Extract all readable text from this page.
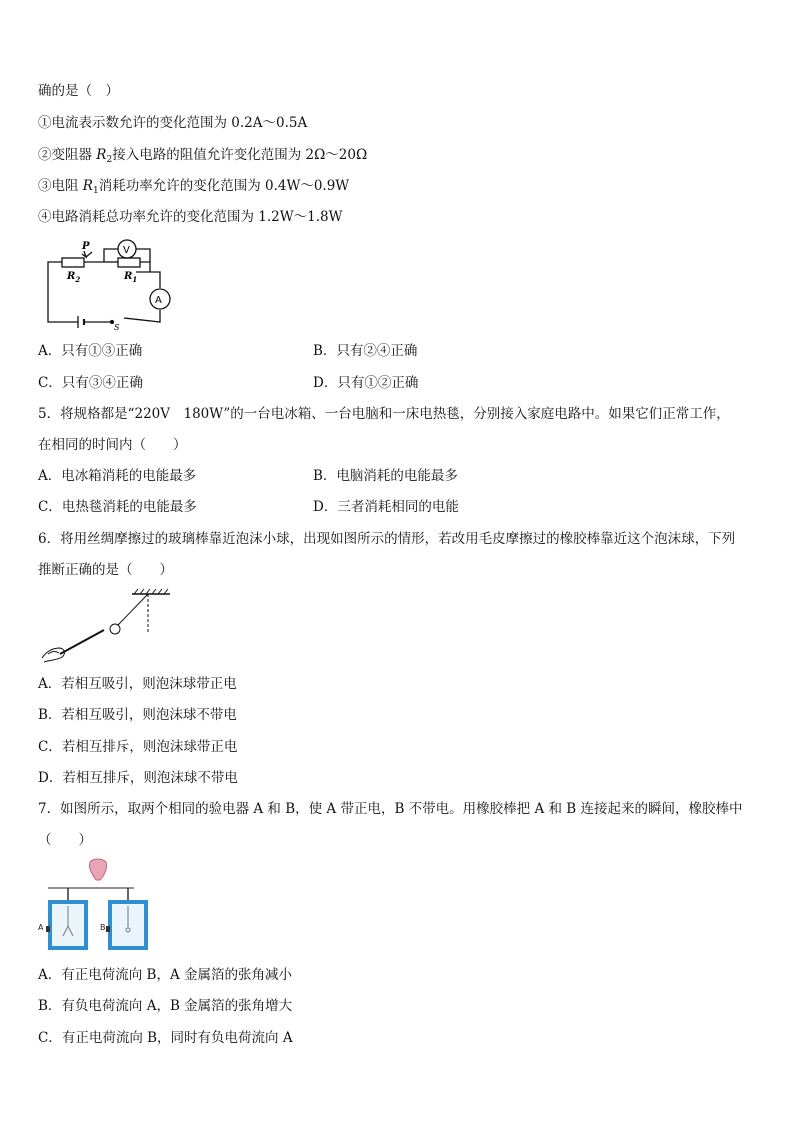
确的是（　）
①电流表示数允许的变化范围为 0.2A～0.5A
②变阻器 $R_2$接入电路的阻值允许变化范围为 2Ω～20Ω
③电阻 $R_1$消耗功率允许的变化范围为 0.4W～0.9W
④电路消耗总功率允许的变化范围为 1.2W～1.8W
P	V
A
$R_2$	$R_1$
S
A．只有①③正确	B．只有②④正确
C．只有③④正确	D．只有①②正确
5．将规格都是“220V　180W”的一台电冰箱、一台电脑和一床电热毯，分别接入家庭电路中。如果它们正常工作，
在相同的时间内（　　）
A．电冰箱消耗的电能最多	B．电脑消耗的电能最多
C．电热毯消耗的电能最多	D．三者消耗相同的电能
6．将用丝绸摩擦过的玻璃棒靠近泡沫小球，出现如图所示的情形，若改用毛皮摩擦过的橡胶棒靠近这个泡沫球，下列
推断正确的是（　　）
A．若相互吸引，则泡沫球带正电
B．若相互吸引，则泡沫球不带电
C．若相互排斥，则泡沫球带正电
D．若相互排斥，则泡沫球不带电
7．如图所示，取两个相同的验电器 A 和 B，使 A 带正电，B 不带电。用橡胶棒把 A 和 B 连接起来的瞬间，橡胶棒中
（　　）
A	B
A．有正电荷流向 B，A 金属箔的张角减小
B．有负电荷流向 A，B 金属箔的张角增大
C．有正电荷流向 B，同时有负电荷流向 A
